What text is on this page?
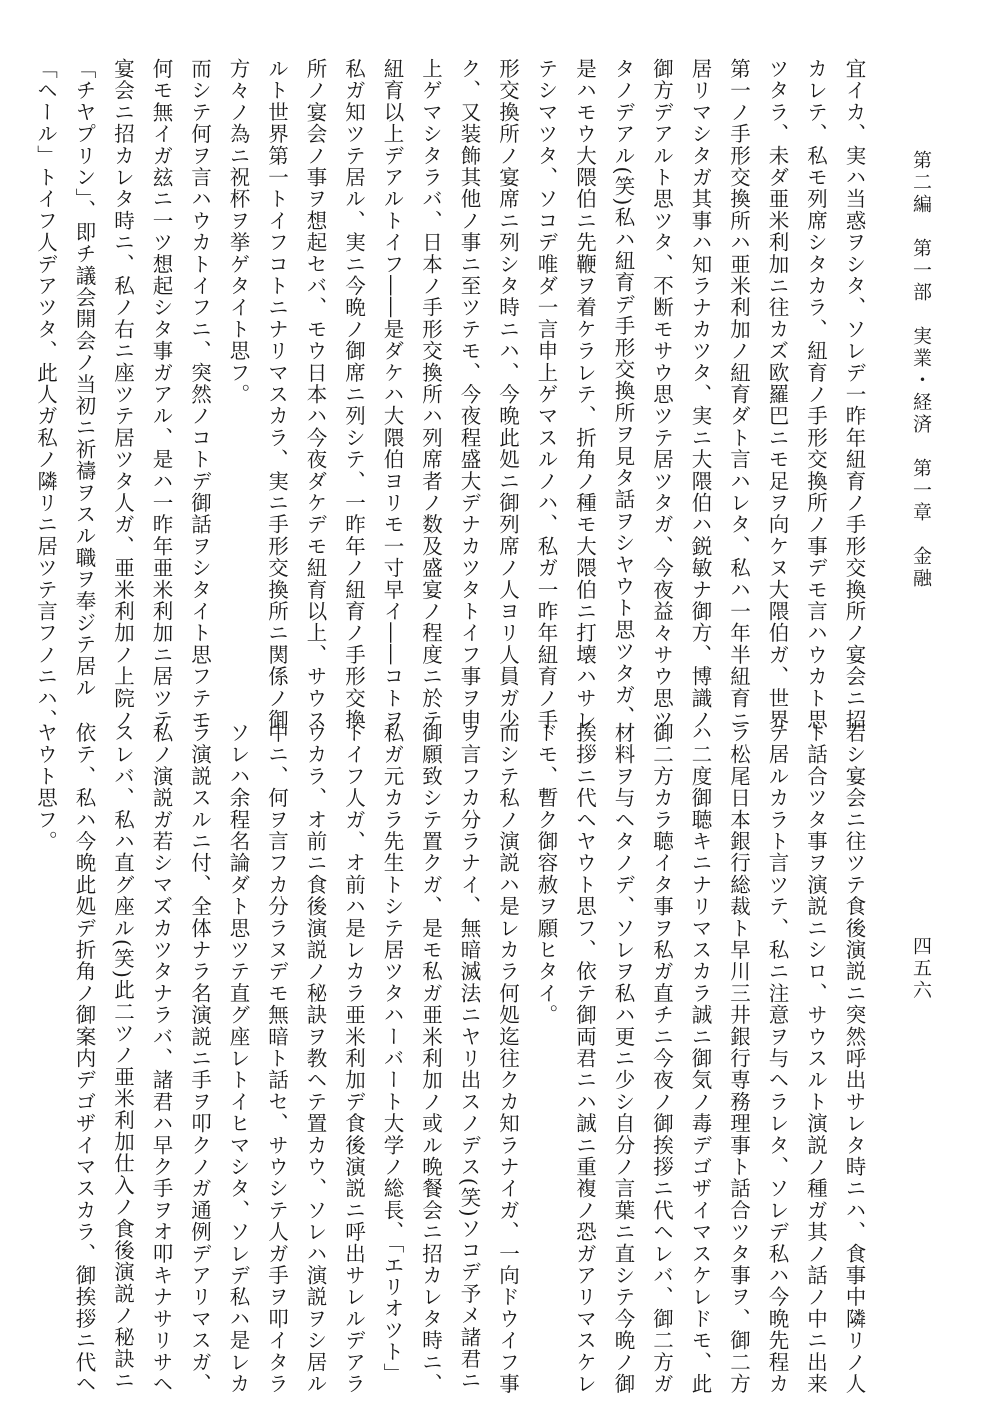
第二編　第一部　実業・経済　第一章　金融
四五六
宜イカ、実ハ当惑ヲシタ、ソレデ一昨年紐育ノ手形交換所ノ宴会ニ招
カレテ、私モ列席シタカラ、紐育ノ手形交換所ノ事デモ言ハウカト思
ツタラ、未ダ亜米利加ニ往カズ欧羅巴ニモ足ヲ向ケヌ大隈伯ガ、世界
第一ノ手形交換所ハ亜米利加ノ紐育ダト言ハレタ、私ハ一年半紐育ニ
居リマシタガ其事ハ知ラナカツタ、実ニ大隈伯ハ鋭敏ナ御方、博識ノ
御方デアルト思ツタ、不断モサウ思ツテ居ツタガ、今夜益々サウ思ツ
タノデアル(笑)私ハ紐育デ手形交換所ヲ見タ話ヲシヤウト思ツタガ、
是ハモウ大隈伯ニ先鞭ヲ着ケラレテ、折角ノ種モ大隈伯ニ打壊ハサレ
テシマツタ、ソコデ唯ダ一言申上ゲマスルノハ、私ガ一昨年紐育ノ手
形交換所ノ宴席ニ列シタ時ニハ、今晩此処ニ御列席ノ人ヨリ人員ガ少
ク、又装飾其他ノ事ニ至ツテモ、今夜程盛大デナカツタトイフ事ヲ申
上ゲマシタラバ、日本ノ手形交換所ハ列席者ノ数及盛宴ノ程度ニ於テ
紐育以上デアルトイフ――是ダケハ大隈伯ヨリモ一寸早イ――コトヲ
私ガ知ツテ居ル、実ニ今晩ノ御席ニ列シテ、一昨年ノ紐育ノ手形交換
所ノ宴会ノ事ヲ想起セバ、モウ日本ハ今夜ダケデモ紐育以上、サウス
ルト世界第一トイフコトニナリマスカラ、実ニ手形交換所ニ関係ノ御
方々ノ為ニ祝杯ヲ挙ゲタイト思フ。
而シテ何ヲ言ハウカトイフニ、突然ノコトデ御話ヲシタイト思フテモ
何モ無イガ玆ニ一ツ想起シタ事ガアル、是ハ一昨年亜米利加ニ居ツテ
宴会ニ招カレタ時ニ、私ノ右ニ座ツテ居ツタ人ガ、亜米利加ノ上院ノ
「チヤプリン」、即チ議会開会ノ当初ニ祈禱ヲスル職ヲ奉ジテ居ル
「ヘール」トイフ人デアツタ、此人ガ私ノ隣リニ居ツテ言フノニハ、
若シ宴会ニ往ツテ食後演説ニ突然呼出サレタ時ニハ、食事中隣リノ人
ト話合ツタ事ヲ演説ニシロ、サウスルト演説ノ種ガ其ノ話ノ中ニ出来
テ居ルカラト言ツテ、私ニ注意ヲ与ヘラレタ、ソレデ私ハ今晩先程カ
ラ松尾日本銀行総裁ト早川三井銀行専務理事ト話合ツタ事ヲ、御二方
ハ二度御聴キニナリマスカラ誠ニ御気ノ毒デゴザイマスケレドモ、此
御二方カラ聴イタ事ヲ私ガ直チニ今夜ノ御挨拶ニ代ヘレバ、御二方ガ
材料ヲ与ヘタノデ、ソレヲ私ハ更ニ少シ自分ノ言葉ニ直シテ今晩ノ御
挨拶ニ代ヘヤウト思フ、依テ御両君ニハ誠ニ重複ノ恐ガアリマスケレ
ドモ、暫ク御容赦ヲ願ヒタイ。
而シテ私ノ演説ハ是レカラ何処迄往クカ知ラナイガ、一向ドウイフ事
ヲ言フカ分ラナイ、無暗滅法ニヤリ出スノデス(笑)ソコデ予メ諸君ニ
御願致シテ置クガ、是モ私ガ亜米利加ノ或ル晩餐会ニ招カレタ時ニ、
私ガ元カラ先生トシテ居ツタハーバート大学ノ総長、「エリオツト」
トイフ人ガ、オ前ハ是レカラ亜米利加デ食後演説ニ呼出サレルデアラ
ウカラ、オ前ニ食後演説ノ秘訣ヲ教ヘテ置カウ、ソレハ演説ヲシ居ル
中ニ、何ヲ言フカ分ラヌデモ無暗ト話セ、サウシテ人ガ手ヲ叩イタラ
ソレハ余程名論ダト思ツテ直グ座レトイヒマシタ、ソレデ私ハ是レカ
ラ演説スルニ付、全体ナラ名演説ニ手ヲ叩クノガ通例デアリマスガ、
私ノ演説ガ若シマズカツタナラバ、諸君ハ早ク手ヲオ叩キナサリサヘ
スレバ、私ハ直グ座ル(笑)此二ツノ亜米利加仕入ノ食後演説ノ秘訣ニ
依テ、私ハ今晩此処デ折角ノ御案内デゴザイマスカラ、御挨拶ニ代ヘ
ヤウト思フ。
